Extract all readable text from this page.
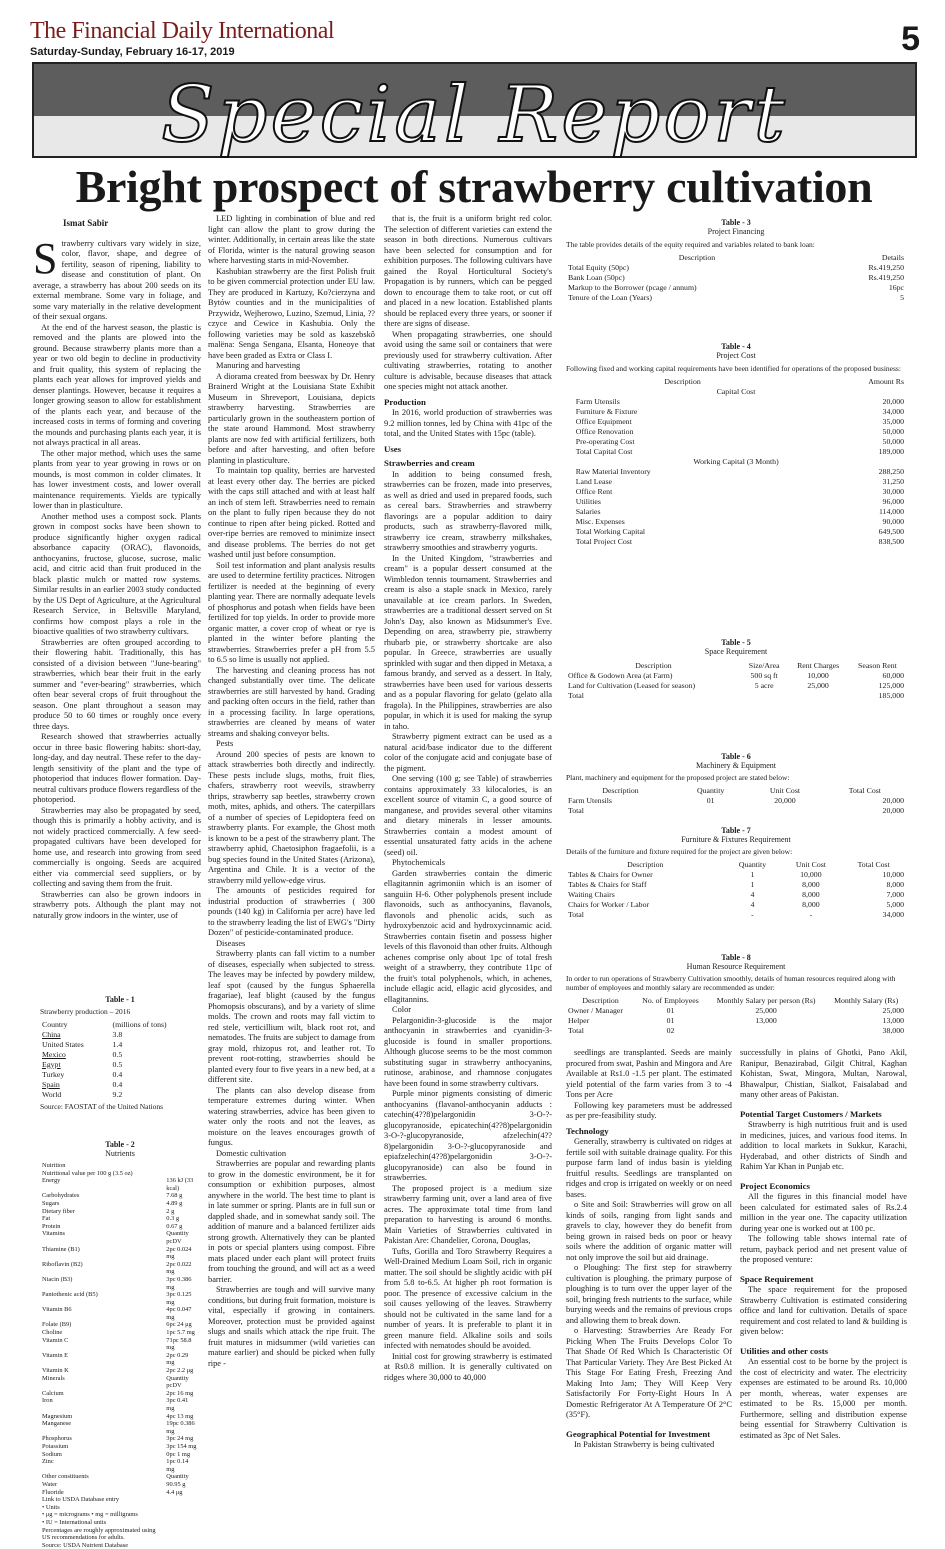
The Financial Daily International
Saturday-Sunday, February 16-17, 2019	5
Special Report
Bright prospect of strawberry cultivation
Ismat Sabir
S trawberry cultivars vary widely in size, color, flavor, shape, and degree of fertility, season of ripening, liability to disease and constitution of plant. On average, a strawberry has about 200 seeds on its external membrane. Some vary in foliage, and some vary materially in the relative development of their sexual organs.

At the end of the harvest season, the plastic is removed and the plants are plowed into the ground. Because strawberry plants more than a year or two old begin to decline in productivity and fruit quality, this system of replacing the plants each year allows for improved yields and denser plantings. However, because it requires a longer growing season to allow for establishment of the plants each year, and because of the increased costs in terms of forming and covering the mounds and purchasing plants each year, it is not always practical in all areas.

The other major method, which uses the same plants from year to year growing in rows or on mounds, is most common in colder climates. It has lower investment costs, and lower overall maintenance requirements. Yields are typically lower than in plasticulture.

Another method uses a compost sock. Plants grown in compost socks have been shown to produce significantly higher oxygen radical absorbance capacity (ORAC), flavonoids, anthocyanins, fructose, glucose, sucrose, malic acid, and citric acid than fruit produced in the black plastic mulch or matted row systems. Similar results in an earlier 2003 study conducted by the US Dept of Agriculture, at the Agricultural Research Service, in Beltsville Maryland, confirms how compost plays a role in the bioactive qualities of two strawberry cultivars.

Strawberries are often grouped according to their flowering habit. Traditionally, this has consisted of a division between "June-bearing" strawberries, which bear their fruit in the early summer and "ever-bearing" strawberries, which often bear several crops of fruit throughout the season. One plant throughout a season may produce 50 to 60 times or roughly once every three days.

Research showed that strawberries actually occur in three basic flowering habits: short-day, long-day, and day neutral. These refer to the day-length sensitivity of the plant and the type of photoperiod that induces flower formation. Day-neutral cultivars produce flowers regardless of the photoperiod.

Strawberries may also be propagated by seed, though this is primarily a hobby activity, and is not widely practiced commercially. A few seed-propagated cultivars have been developed for home use, and research into growing from seed commercially is ongoing. Seeds are acquired either via commercial seed suppliers, or by collecting and saving them from the fruit.

Strawberries can also be grown indoors in strawberry pots. Although the plant may not naturally grow indoors in the winter, use of

Table - 1
Strawberry production – 2016
Country	(millions of tons)
China	3.8
United States	1.4
Mexico	0.5
Egypt	0.5
Turkey	0.4
Spain	0.4
World	9.2
Source: FAOSTAT of the United Nations
Table - 2
Nutrients
Nutrition	
Nutritional value per 100 g (3.5 oz)	
Energy	136 kJ (33 kcal)
Carbohydrates	7.68 g
Sugars	4.89 g
Dietary fiber	2 g
Fat	0.3 g
Protein	0.67 g
Vitamins	Quantity pcDV
Thiamine (B1)	2pc 0.024 mg
Riboflavin (B2)	2pc 0.022 mg
Niacin (B3)	3pc 0.386 mg
Pantothenic acid (B5)	3pc 0.125 mg
Vitamin B6	4pc 0.047 mg
Folate (B9)	6pc 24 μg
Choline	1pc 5.7 mg
Vitamin C	71pc 58.8 mg
Vitamin E	2pc 0.29 mg
Vitamin K	2pc 2.2 μg
Minerals	Quantity pcDV
Calcium	2pc 16 mg
Iron	3pc 0.41 mg
Magnesium	4pc 13 mg
Manganese	19pc 0.386 mg
Phosphorus	3pc 24 mg
Potassium	3pc 154 mg
Sodium	0pc 1 mg
Zinc	1pc 0.14 mg
Other constituents	Quantity
Water	90.95 g
Fluoride	4.4 μg
Link to USDA Database entry	
• Units	
• μg = micrograms • mg = milligrams	
• IU = International units	
Percentages are roughly approximated using US recommendations for adults.	
Source: USDA Nutrient Database	

LED lighting in combination of blue and red light can allow the plant to grow during the winter. Additionally, in certain areas like the state of Florida, winter is the natural growing season where harvesting starts in mid-November.

Kashubian strawberry are the first Polish fruit to be given commercial protection under EU law. They are produced in Kartuzy, Ko?cierzyna and Bytów counties and in the municipalities of Przywidz, Wejherowo, Luzino, Szemud, Linia, ??czyce and Cewice in Kashubia. Only the following varieties may be sold as kaszebskô malëna: Senga Sengana, Elsanta, Honeoye that have been graded as Extra or Class I.

Manuring and harvesting

A diorama created from beeswax by Dr. Henry Brainerd Wright at the Louisiana State Exhibit Museum in Shreveport, Louisiana, depicts strawberry harvesting. Strawberries are particularly grown in the southeastern portion of the state around Hammond. Most strawberry plants are now fed with artificial fertilizers, both before and after harvesting, and often before planting in plasticulture.

To maintain top quality, berries are harvested at least every other day. The berries are picked with the caps still attached and with at least half an inch of stem left. Strawberries need to remain on the plant to fully ripen because they do not continue to ripen after being picked. Rotted and over-ripe berries are removed to minimize insect and disease problems. The berries do not get washed until just before consumption.

Soil test information and plant analysis results are used to determine fertility practices. Nitrogen fertilizer is needed at the beginning of every planting year. There are normally adequate levels of phosphorus and potash when fields have been fertilized for top yields. In order to provide more organic matter, a cover crop of wheat or rye is planted in the winter before planting the strawberries. Strawberries prefer a pH from 5.5 to 6.5 so lime is usually not applied.

The harvesting and cleaning process has not changed substantially over time. The delicate strawberries are still harvested by hand. Grading and packing often occurs in the field, rather than in a processing facility. In large operations, strawberries are cleaned by means of water streams and shaking conveyor belts.

Pests

Around 200 species of pests are known to attack strawberries both directly and indirectly. These pests include slugs, moths, fruit flies, chafers, strawberry root weevils, strawberry thrips, strawberry sap beetles, strawberry crown moth, mites, aphids, and others. The caterpillars of a number of species of Lepidoptera feed on strawberry plants. For example, the Ghost moth is known to be a pest of the strawberry plant. The strawberry aphid, Chaetosiphon fragaefolii, is a bug species found in the United States (Arizona), Argentina and Chile. It is a vector of the strawberry mild yellow-edge virus.

The amounts of pesticides required for industrial production of strawberries ( 300 pounds (140 kg) in California per acre) have led to the strawberry leading the list of EWG's "Dirty Dozen" of pesticide-contaminated produce.

Diseases

Strawberry plants can fall victim to a number of diseases, especially when subjected to stress. The leaves may be infected by powdery mildew, leaf spot (caused by the fungus Sphaerella fragariae), leaf blight (caused by the fungus Phomopsis obscurans), and by a variety of slime molds. The crown and roots may fall victim to red stele, verticillium wilt, black root rot, and nematodes. The fruits are subject to damage from gray mold, rhizopus rot, and leather rot. To prevent root-rotting, strawberries should be planted every four to five years in a new bed, at a different site.

The plants can also develop disease from temperature extremes during winter. When watering strawberries, advice has been given to water only the roots and not the leaves, as moisture on the leaves encourages growth of fungus.

Domestic cultivation

Strawberries are popular and rewarding plants to grow in the domestic environment, be it for consumption or exhibition purposes, almost anywhere in the world. The best time to plant is in late summer or spring. Plants are in full sun or dappled shade, and in somewhat sandy soil. The addition of manure and a balanced fertilizer aids strong growth. Alternatively they can be planted in pots or special planters using compost. Fibre mats placed under each plant will protect fruits from touching the ground, and will act as a weed barrier.

Strawberries are tough and will survive many conditions, but during fruit formation, moisture is vital, especially if growing in containers. Moreover, protection must be provided against slugs and snails which attack the ripe fruit. The fruit matures in midsummer (wild varieties can mature earlier) and should be picked when fully ripe -

that is, the fruit is a uniform bright red color. The selection of different varieties can extend the season in both directions. Numerous cultivars have been selected for consumption and for exhibition purposes. The following cultivars have gained the Royal Horticultural Society's Propagation is by runners, which can be pegged down to encourage them to take root, or cut off and placed in a new location. Established plants should be replaced every three years, or sooner if there are signs of disease.

When propagating strawberries, one should avoid using the same soil or containers that were previously used for strawberry cultivation. After cultivating strawberries, rotating to another culture is advisable, because diseases that attack one species might not attack another.

Production

In 2016, world production of strawberries was 9.2 million tonnes, led by China with 41pc of the total, and the United States with 15pc (table).

Uses
Strawberries and cream

In addition to being consumed fresh, strawberries can be frozen, made into preserves, as well as dried and used in prepared foods, such as cereal bars. Strawberries and strawberry flavorings are a popular addition to dairy products, such as strawberry-flavored milk, strawberry ice cream, strawberry milkshakes, strawberry smoothies and strawberry yogurts.

In the United Kingdom, "strawberries and cream" is a popular dessert consumed at the Wimbledon tennis tournament. Strawberries and cream is also a staple snack in Mexico, rarely unavailable at ice cream parlors. In Sweden, strawberries are a traditional dessert served on St John's Day, also known as Midsummer's Eve. Depending on area, strawberry pie, strawberry rhubarb pie, or strawberry shortcake are also popular. In Greece, strawberries are usually sprinkled with sugar and then dipped in Metaxa, a famous brandy, and served as a dessert. In Italy, strawberries have been used for various desserts and as a popular flavoring for gelato (gelato alla fragola). In the Philippines, strawberries are also popular, in which it is used for making the syrup in taho.

Strawberry pigment extract can be used as a natural acid/base indicator due to the different color of the conjugate acid and conjugate base of the pigment.

One serving (100 g; see Table) of strawberries contains approximately 33 kilocalories, is an excellent source of vitamin C, a good source of manganese, and provides several other vitamins and dietary minerals in lesser amounts. Strawberries contain a modest amount of essential unsaturated fatty acids in the achene (seed) oil.

Phytochemicals

Garden strawberries contain the dimeric ellagitannin agrimoniin which is an isomer of sanguiin H-6. Other polyphenols present include flavonoids, such as anthocyanins, flavanols, flavonols and phenolic acids, such as hydroxybenzoic acid and hydroxycinnamic acid. Strawberries contain fisetin and possess higher levels of this flavonoid than other fruits. Although achenes comprise only about 1pc of total fresh weight of a strawberry, they contribute 11pc of the fruit's total polyphenols, which, in achenes, include ellagic acid, ellagic acid glycosides, and ellagitannins.

Color

Pelargonidin-3-glucoside is the major anthocyanin in strawberries and cyanidin-3-glucoside is found in smaller proportions. Although glucose seems to be the most common substituting sugar in strawberry anthocyanins, rutinose, arabinose, and rhamnose conjugates have been found in some strawberry cultivars.

Purple minor pigments consisting of dimeric anthocyanins (flavanol-anthocyanin adducts : catechin(4??8)pelargonidin 3-O-?-glucopyranoside, epicatechin(4??8)pelargonidin 3-O-?-glucopyranoside, afzelechin(4??8)pelargonidin 3-O-?-glucopyranoside and epiafzelechin(4??8)pelargonidin 3-O-?-glucopyranoside) can also be found in strawberries.

The proposed project is a medium size strawberry farming unit, over a land area of five acres. The approximate total time from land preparation to harvesting is around 6 months. Main Varieties of Strawberries cultivated in Pakistan Are: Chandelier, Corona, Douglas,

Tufts, Gorilla and Toro Strawberry Requires a Well-Drained Medium Loam Soil, rich in organic matter. The soil should be slightly acidic with pH from 5.8 to-6.5. At higher ph root formation is poor. The presence of excessive calcium in the soil causes yellowing of the leaves. Strawberry should not be cultivated in the same land for a number of years. It is preferable to plant it in green manure field. Alkaline soils and soils infected with nematodes should be avoided.

Initial cost for growing strawberry is estimated at Rs0.8 million. It is generally cultivated on ridges where 30,000 to 40,000

Table - 3
Project Financing
The table provides details of the equity required and variables related to bank loan:
Description	Details
Total Equity (50pc)	Rs.419,250
Bank Loan (50pc)	Rs.419,250
Markup to the Borrower (pcage / annum)	16pc
Tenure of the Loan (Years)	5
Table - 4
Project Cost
Following fixed and working capital requirements have been identified for operations of the proposed business:
Description	Amount Rs
Capital Cost	
Farm Utensils	20,000
Furniture & Fixture	34,000
Office Equipment	35,000
Office Renovation	50,000
Pre-operating Cost	50,000
Total Capital Cost	189,000
Working Capital (3 Month)	
Raw Material Inventory	288,250
Land Lease	31,250
Office Rent	30,000
Utilities	96,000
Salaries	114,000
Misc. Expenses	90,000
Total Working Capital	649,500
Total Project Cost	838,500
Table - 5
Space Requirement
Description	Size/Area	Rent Charges	Season Rent
Office & Godown Area (at Farm)	500 sq ft	10,000	60,000
Land for Cultivation (Leased for season)	5 acre	25,000	125,000
Total			185,000
Table - 6
Machinery & Equipment
Plant, machinery and equipment for the proposed project are stated below:
Description	Quantity	Unit Cost	Total Cost
Farm Utensils	01	20,000	20,000
Total			20,000
Table - 7
Furniture & Fixtures Requirement
Details of the furniture and fixture required for the project are given below:
Description	Quantity	Unit Cost	Total Cost
Tables & Chairs for Owner	1	10,000	10,000
Tables & Chairs for Staff	1	8,000	8,000
Waiting Chairs	4	8,000	7,000
Chairs for Worker / Labor	4	8,000	5,000
Total	-	-	34,000
Table - 8
Human Resource Requirement
In order to run operations of Strawberry Cultivation smoothly, details of human resources required along with number of employees and monthly salary are recommended as under:
Description	No. of Employees	Monthly Salary per person (Rs)	Monthly Salary (Rs)
Owner / Manager	01	25,000	25,000
Helper	01	13,000	13,000
Total	02		38,000

seedlings are transplanted. Seeds are mainly procured from swat, Pashin and Mingora and Are Available at Rs1.0 -1.5 per plant. The estimated yield potential of the farm varies from 3 to -4 Tons per Acre

Following key parameters must be addressed as per pre-feasibility study.

Technology

Generally, strawberry is cultivated on ridges at fertile soil with suitable drainage quality. For this purpose farm land of indus basin is yielding fruitful results. Seedlings are transplanted on ridges and crop is irrigated on weekly or on need bases.

o Site and Soil: Strawberries will grow on all kinds of soils, ranging from light sands and gravels to clay, however they do benefit from being grown in raised beds on poor or heavy soils where the addition of organic matter will not only improve the soil but aid drainage.

o Ploughing: The first step for strawberry cultivation is ploughing. the primary purpose of ploughing is to turn over the upper layer of the soil, bringing fresh nutrients to the surface, while burying weeds and the remains of previous crops and allowing them to break down.

o Harvesting: Strawberries Are Ready For Picking When The Fruits Develops Color To That Shade Of Red Which Is Characteristic Of That Particular Variety. They Are Best Picked At This Stage For Eating Fresh, Freezing And Making Into Jam; They Will Keep Very Satisfactorily For Forty-Eight Hours In A Domestic Refrigerator At A Temperature Of 2°C (35°F).

Geographical Potential for Investment

In Pakistan Strawberry is being cultivated

successfully in plains of Ghotki, Pano Akil, Ranipur, Benazirabad, Gilgit Chitral, Kaghan Kohistan, Swat, Mingora, Multan, Narowal, Bhawalpur, Chistian, Sialkot, Faisalabad and many other areas of Pakistan.

Potential Target Customers / Markets

Strawberry is high nutritious fruit and is used in medicines, juices, and various food items. In addition to local markets in Sukkur, Karachi, Hyderabad, and other districts of Sindh and Rahim Yar Khan in Punjab etc.

Project Economics

All the figures in this financial model have been calculated for estimated sales of Rs.2.4 million in the year one. The capacity utilization during year one is worked out at 100 pc.

The following table shows internal rate of return, payback period and net present value of the proposed venture:

Space Requirement

The space requirement for the proposed Strawberry Cultivation is estimated considering office and land for cultivation. Details of space requirement and cost related to land & building is given below:

Utilities and other costs

An essential cost to be borne by the project is the cost of electricity and water. The electricity expenses are estimated to be around Rs. 10,000 per month, whereas, water expenses are estimated to be Rs. 15,000 per month. Furthermore, selling and distribution expense being essential for Strawberry Cultivation is estimated as 3pc of Net Sales.
